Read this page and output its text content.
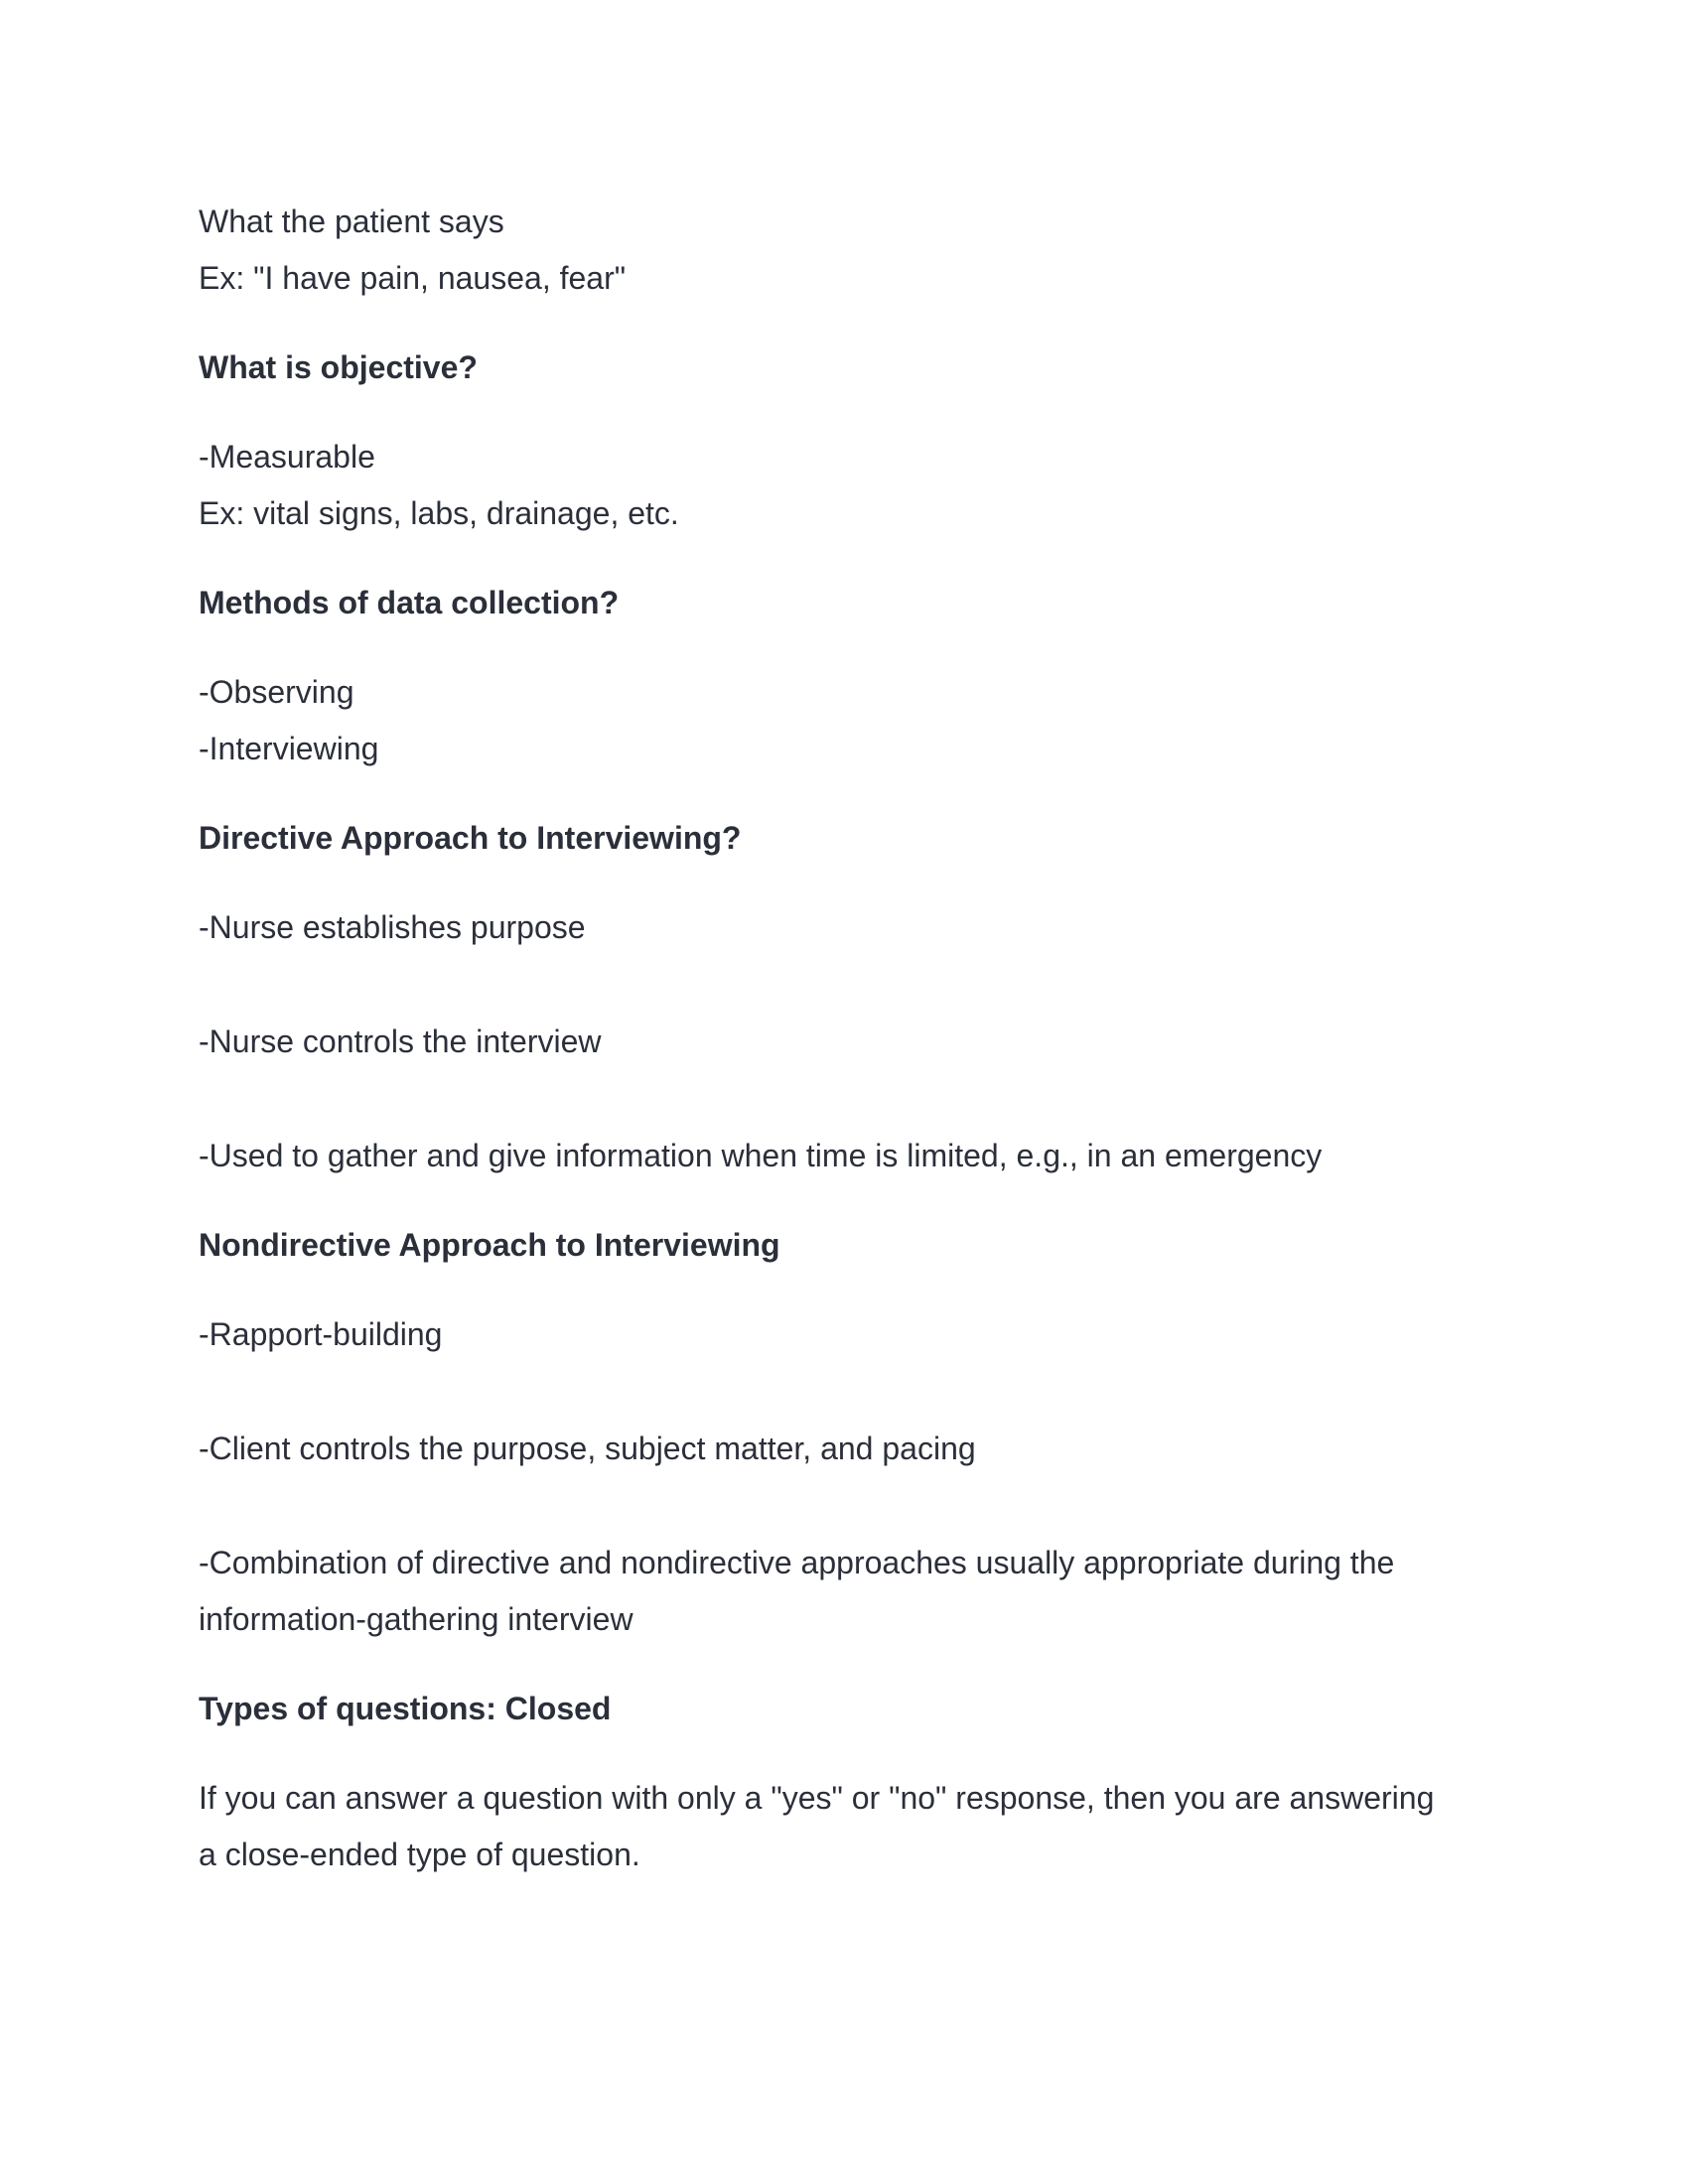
What the patient says

Ex: "I have pain, nausea, fear"

What is objective?

-Measurable

Ex: vital signs, labs, drainage, etc.

Methods of data collection?

-Observing

-Interviewing

Directive Approach to Interviewing?

-Nurse establishes purpose

-Nurse controls the interview

-Used to gather and give information when time is limited, e.g., in an emergency

Nondirective Approach to Interviewing

-Rapport-building

-Client controls the purpose, subject matter, and pacing

-Combination of directive and nondirective approaches usually appropriate during the

information-gathering interview

Types of questions: Closed

If you can answer a question with only a "yes" or "no" response, then you are answering

a close-ended type of question.
